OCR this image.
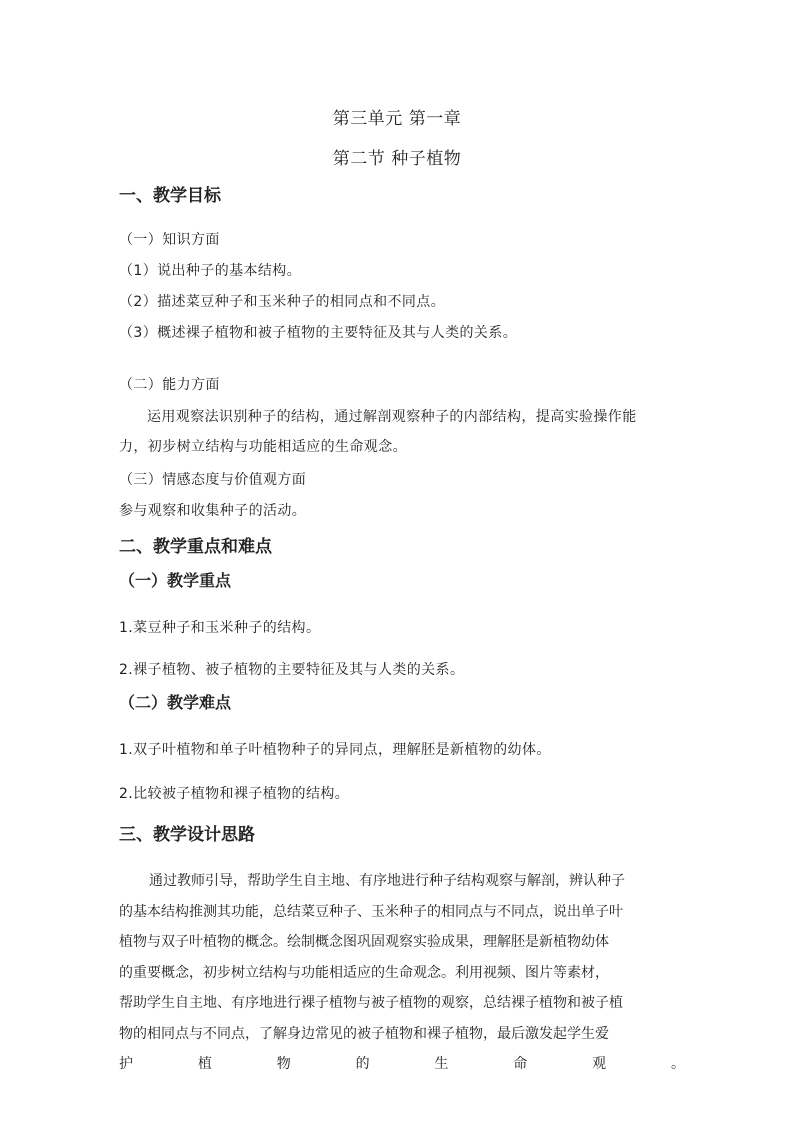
第三单元 第一章
第二节 种子植物
一、教学目标
（一）知识方面
（1）说出种子的基本结构。
（2）描述菜豆种子和玉米种子的相同点和不同点。
（3）概述裸子植物和被子植物的主要特征及其与人类的关系。
（二）能力方面
运用观察法识别种子的结构，通过解剖观察种子的内部结构，提高实验操作能
力，初步树立结构与功能相适应的生命观念。
（三）情感态度与价值观方面
参与观察和收集种子的活动。
二、教学重点和难点
（一）教学重点
1.菜豆种子和玉米种子的结构。
2.裸子植物、被子植物的主要特征及其与人类的关系。
（二）教学难点
1.双子叶植物和单子叶植物种子的异同点，理解胚是新植物的幼体。
2.比较被子植物和裸子植物的结构。
三、教学设计思路
通过教师引导，帮助学生自主地、有序地进行种子结构观察与解剖，辨认种子
的基本结构推测其功能，总结菜豆种子、玉米种子的相同点与不同点，说出单子叶
植物与双子叶植物的概念。绘制概念图巩固观察实验成果，理解胚是新植物幼体
的重要概念，初步树立结构与功能相适应的生命观念。利用视频、图片等素材，
帮助学生自主地、有序地进行裸子植物与被子植物的观察，总结裸子植物和被子植
物的相同点与不同点，了解身边常见的被子植物和裸子植物，最后激发起学生爱
护 植 物 的 生 命 观 。
